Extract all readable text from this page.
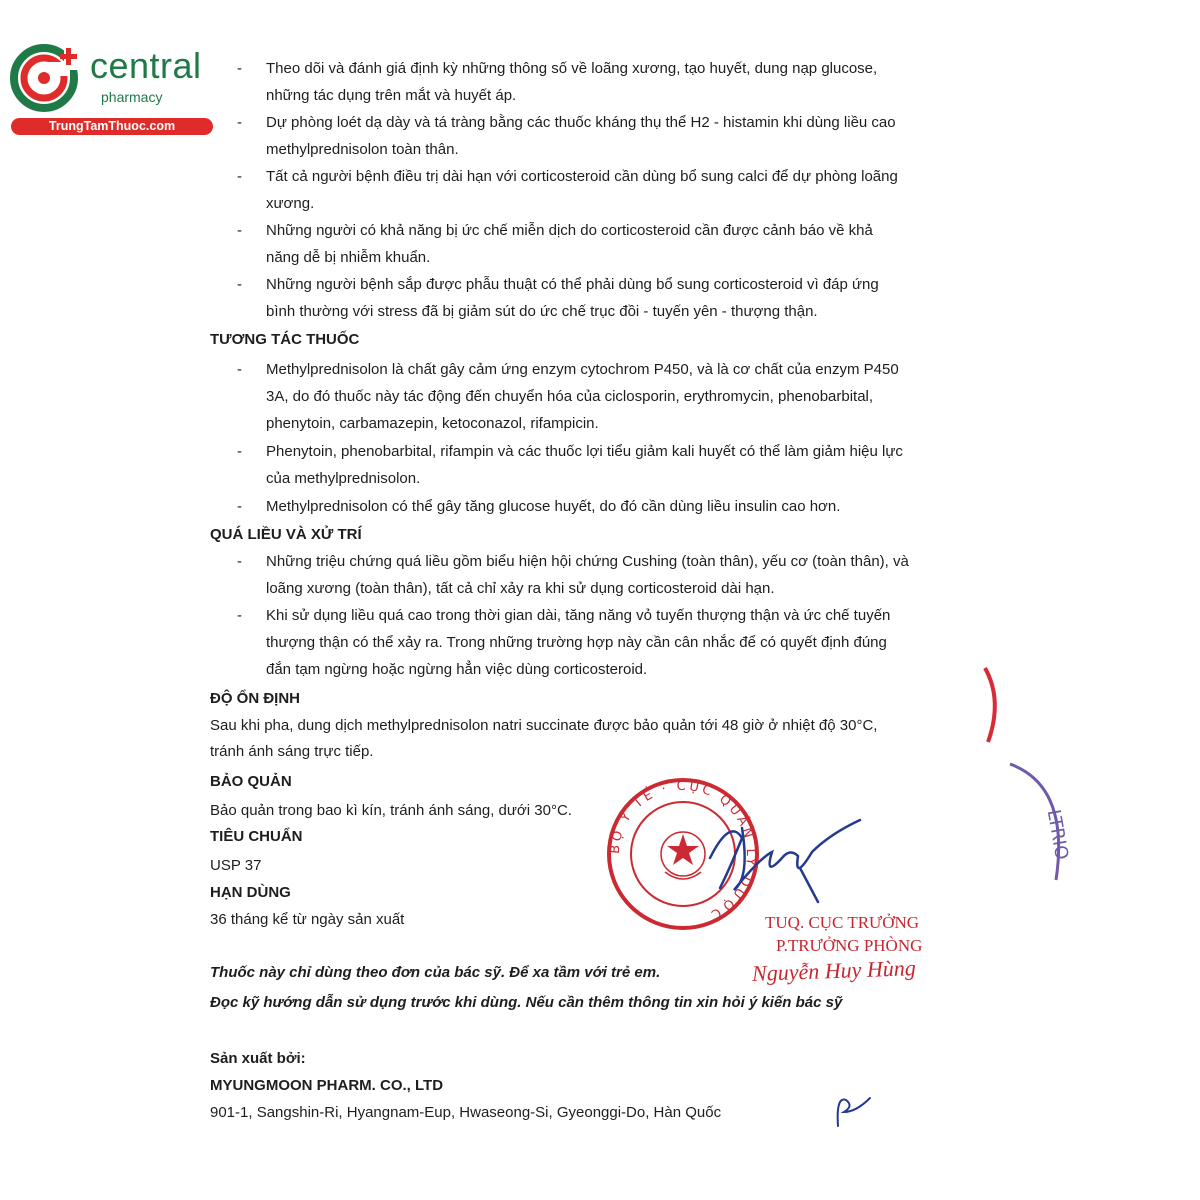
central
pharmacy
TrungTamThuoc.com
- Theo dõi và đánh giá định kỳ những thông số về loãng xương, tạo huyết, dung nạp glucose,
những tác dụng trên mắt và huyết áp.
- Dự phòng loét dạ dày và tá tràng bằng các thuốc kháng thụ thể H2 - histamin khi dùng liều cao
methylprednisolon toàn thân.
- Tất cả người bệnh điều trị dài hạn với corticosteroid cần dùng bổ sung calci để dự phòng loãng
xương.
- Những người có khả năng bị ức chế miễn dịch do corticosteroid cần được cảnh báo về khả
năng dễ bị nhiễm khuẩn.
- Những người bệnh sắp được phẫu thuật có thể phải dùng bổ sung corticosteroid vì đáp ứng
bình thường với stress đã bị giảm sút do ức chế trục đồi - tuyến yên - thượng thận.
TƯƠNG TÁC THUỐC
- Methylprednisolon là chất gây cảm ứng enzym cytochrom P450, và là cơ chất của enzym P450
3A, do đó thuốc này tác động đến chuyển hóa của ciclosporin, erythromycin, phenobarbital,
phenytoin, carbamazepin, ketoconazol, rifampicin.
- Phenytoin, phenobarbital, rifampin và các thuốc lợi tiểu giảm kali huyết có thể làm giảm hiệu lực
của methylprednisolon.
- Methylprednisolon có thể gây tăng glucose huyết, do đó cần dùng liều insulin cao hơn.
QUÁ LIỀU VÀ XỬ TRÍ
- Những triệu chứng quá liều gồm biểu hiện hội chứng Cushing (toàn thân), yếu cơ (toàn thân), và
loãng xương (toàn thân), tất cả chỉ xảy ra khi sử dụng corticosteroid dài hạn.
- Khi sử dụng liều quá cao trong thời gian dài, tăng năng vỏ tuyến thượng thận và ức chế tuyến
thượng thận có thể xảy ra. Trong những trường hợp này cần cân nhắc để có quyết định đúng
đắn tạm ngừng hoặc ngừng hẳn việc dùng corticosteroid.
ĐỘ ỔN ĐỊNH
Sau khi pha, dung dịch methylprednisolon natri succinate được bảo quản tới 48 giờ ở nhiệt độ 30°C,
tránh ánh sáng trực tiếp.
BẢO QUẢN
Bảo quản trong bao kì kín, tránh ánh sáng, dưới 30°C.
TIÊU CHUẨN
USP 37
HẠN DÙNG
36 tháng kể từ ngày sản xuất
Thuốc này chỉ dùng theo đơn của bác sỹ. Để xa tầm với trẻ em.
Đọc kỹ hướng dẫn sử dụng trước khi dùng. Nếu cần thêm thông tin xin hỏi ý kiến bác sỹ
Sản xuất bởi:
MYUNGMOON PHARM. CO., LTD
901-1, Sangshin-Ri, Hyangnam-Eup, Hwaseong-Si, Gyeonggi-Do, Hàn Quốc
BỘ Y TẾ · CỤC QUẢN LÝ DƯỢC
LTRIO
TUQ. CỤC TRƯỞNG
P.TRƯỞNG PHÒNG
Nguyễn Huy Hùng
